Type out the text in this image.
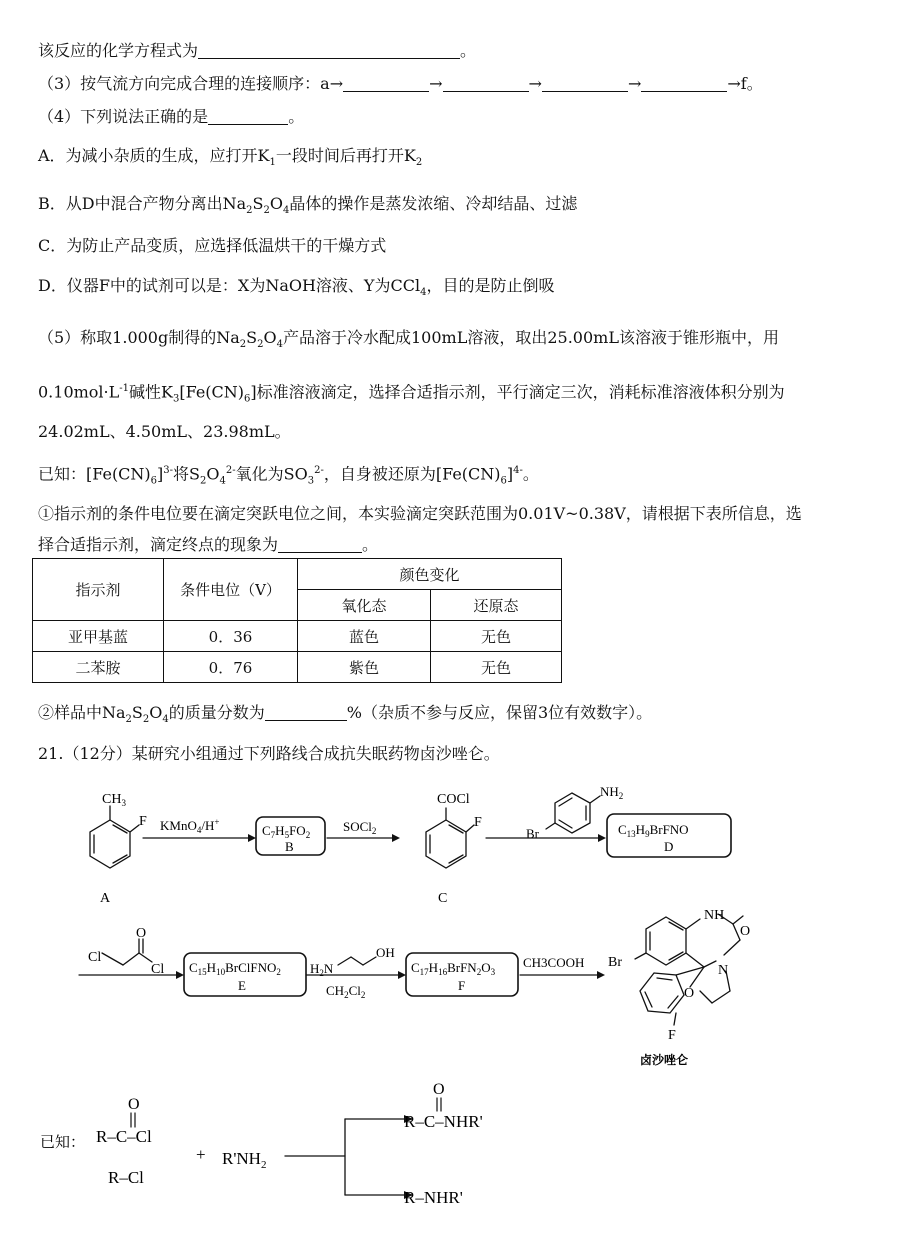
该反应的化学方程式为	。
（3）按气流方向完成合理的连接顺序：a→	→	→	→	→f。
（4）下列说法正确的是	。
A．为减小杂质的生成，应打开$K_1$一段时间后再打开$K_2$
B．从D中混合产物分离出$Na_2S_2O_4$晶体的操作是蒸发浓缩、冷却结晶、过滤
C．为防止产品变质，应选择低温烘干的干燥方式
D．仪器F中的试剂可以是：X为NaOH溶液、Y为CCl$_4$，目的是防止倒吸
（5）称取1.000g制得的$Na_2S_2O_4$产品溶于冷水配成100mL溶液，取出25.00mL该溶液于锥形瓶中，用
$0.10mol\cdot L^{-1}$碱性$K_3[Fe(CN)_6]$标准溶液滴定，选择合适指示剂，平行滴定三次，消耗标准溶液体积分别为
24.02mL、4.50mL、23.98mL。
已知：$[Fe(CN)_6]^{3-}$将$S_2O_4^{2-}$氧化为$SO_3^{2-}$，自身被还原为$[Fe(CN)_6]^{4-}$。
①指示剂的条件电位要在滴定突跃电位之间，本实验滴定突跃范围为0.01V~0.38V，请根据下表所信息，选
择合适指示剂，滴定终点的现象为	。
指示剂	条件电位（V）	颜色变化	
		氧化态	还原态
亚甲基蓝	0．36	蓝色	无色
二苯胺	0．76	紫色	无色
②样品中$Na_2S_2O_4$的质量分数为	%（杂质不参与反应，保留3位有效数字）。
21.（12分）某研究小组通过下列路线合成抗失眠药物卤沙唑仑。
$CH_3$
F
A
KMnO$_4$/H+
$C_7H_5FO_2$
B
SOCl$_2$
COCl
F
C
$NH_2$
Br	$C_{13}H_9BrFNO$
D
Cl
Cl
O
$C_{15}H_{10}BrClFNO_2$
E
$H_2N$
OH
$CH_2Cl_2$
$C_{17}H_{16}BrFN_2O_3$
F
CH3COOH
NH
O
Br
N
O
F
卤沙唑仑
已知：
O
R–C–Cl
+ $R'NH_2$
R–Cl
O
R–C–NHR'
R–NHR'
